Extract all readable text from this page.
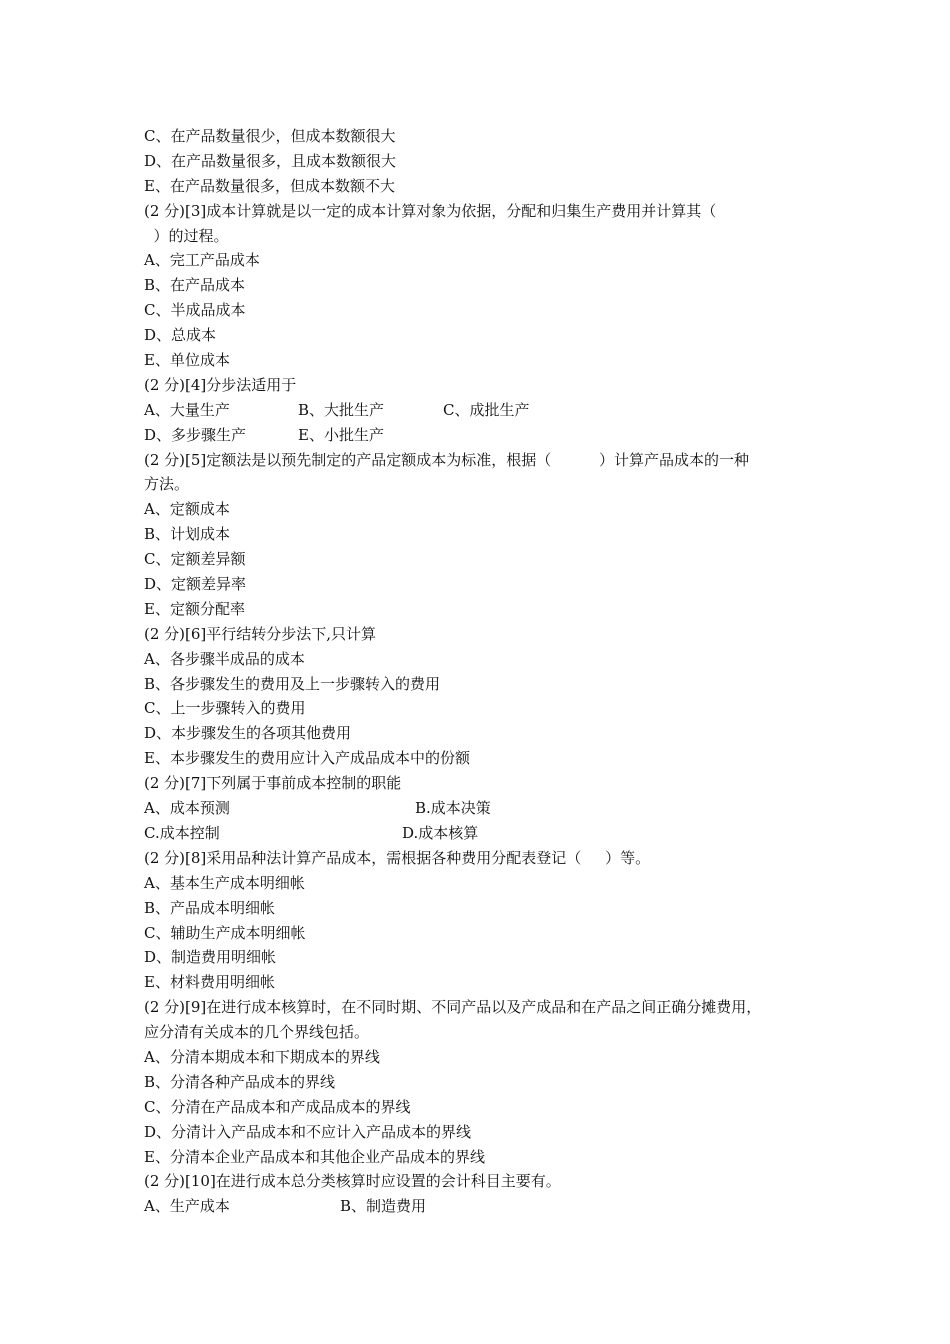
C、在产品数量很少，但成本数额很大
D、在产品数量很多，且成本数额很大
E、在产品数量很多，但成本数额不大
(2 分)[3]成本计算就是以一定的成本计算对象为依据，分配和归集生产费用并计算其（
）的过程。
A、完工产品成本
B、在产品成本
C、半成品成本
D、总成本
E、单位成本
(2 分)[4]分步法适用于
A、大量生产	B、大批生产	C、成批生产
D、多步骤生产	E、小批生产
(2 分)[5]定额法是以预先制定的产品定额成本为标准，根据（          ）计算产品成本的一种
方法。
A、定额成本
B、计划成本
C、定额差异额
D、定额差异率
E、定额分配率
(2 分)[6]平行结转分步法下,只计算
A、各步骤半成品的成本
B、各步骤发生的费用及上一步骤转入的费用
C、上一步骤转入的费用
D、本步骤发生的各项其他费用
E、本步骤发生的费用应计入产成品成本中的份额
(2 分)[7]下列属于事前成本控制的职能
A、成本预测	B.成本决策
C.成本控制	D.成本核算
(2 分)[8]采用品种法计算产品成本，需根据各种费用分配表登记（     ）等。
A、基本生产成本明细帐
B、产品成本明细帐
C、辅助生产成本明细帐
D、制造费用明细帐
E、材料费用明细帐
(2 分)[9]在进行成本核算时，在不同时期、不同产品以及产成品和在产品之间正确分摊费用，
应分清有关成本的几个界线包括。
A、分清本期成本和下期成本的界线
B、分清各种产品成本的界线
C、分清在产品成本和产成品成本的界线
D、分清计入产品成本和不应计入产品成本的界线
E、分清本企业产品成本和其他企业产品成本的界线
(2 分)[10]在进行成本总分类核算时应设置的会计科目主要有。
A、生产成本	B、制造费用
